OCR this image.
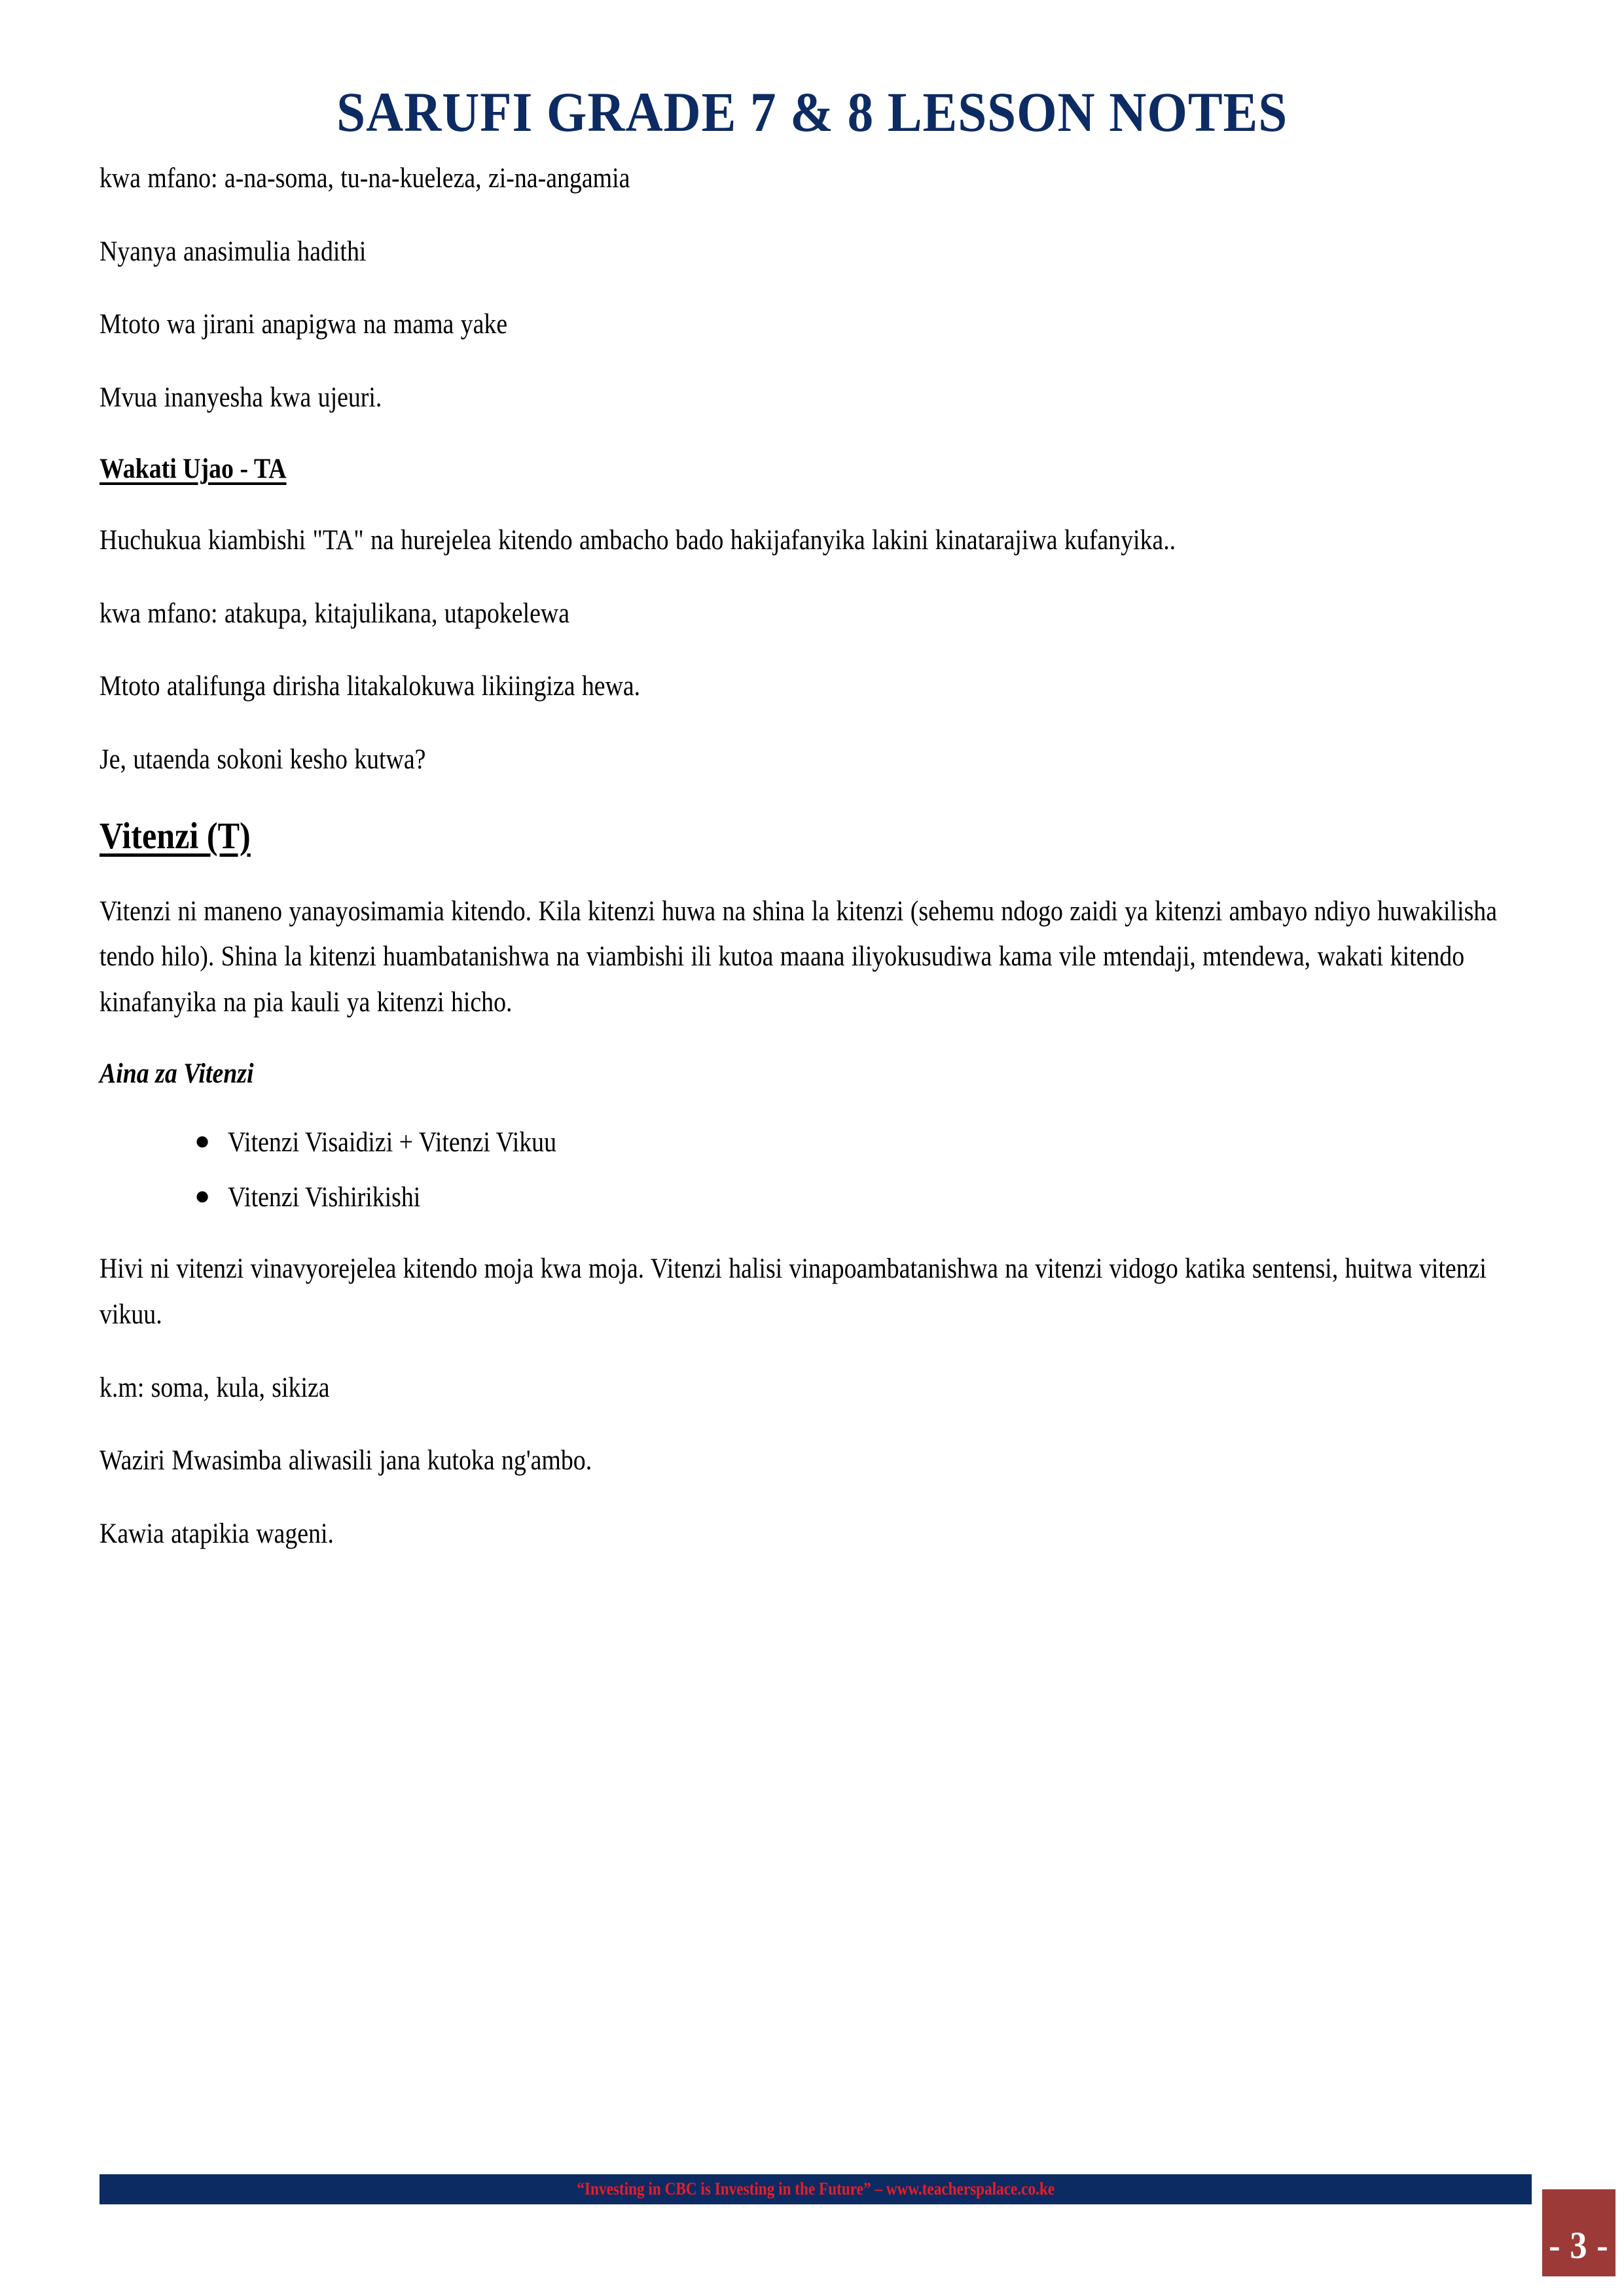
SARUFI GRADE 7 & 8 LESSON NOTES

kwa mfano: a-na-soma, tu-na-kueleza, zi-na-angamia

Nyanya anasimulia hadithi

Mtoto wa jirani anapigwa na mama yake

Mvua inanyesha kwa ujeuri.

Wakati Ujao - TA

Huchukua kiambishi "TA" na hurejelea kitendo ambacho bado hakijafanyika lakini kinatarajiwa kufanyika..

kwa mfano: atakupa, kitajulikana, utapokelewa

Mtoto atalifunga dirisha litakalokuwa likiingiza hewa.

Je, utaenda sokoni kesho kutwa?

Vitenzi (T)

Vitenzi ni maneno yanayosimamia kitendo. Kila kitenzi huwa na shina la kitenzi (sehemu ndogo zaidi ya kitenzi ambayo ndiyo huwakilisha tendo hilo). Shina la kitenzi huambatanishwa na viambishi ili kutoa maana iliyokusudiwa kama vile mtendaji, mtendewa, wakati kitendo kinafanyika na pia kauli ya kitenzi hicho.

Aina za Vitenzi
● Vitenzi Visaidizi + Vitenzi Vikuu
● Vitenzi Vishirikishi

Hivi ni vitenzi vinavyorejelea kitendo moja kwa moja. Vitenzi halisi vinapoambatanishwa na vitenzi vidogo katika sentensi, huitwa vitenzi vikuu.

k.m: soma, kula, sikiza

Waziri Mwasimba aliwasili jana kutoka ng'ambo.

Kawia atapikia wageni.

“Investing in CBC is Investing in the Future” – www.teacherspalace.co.ke
- 3 -
